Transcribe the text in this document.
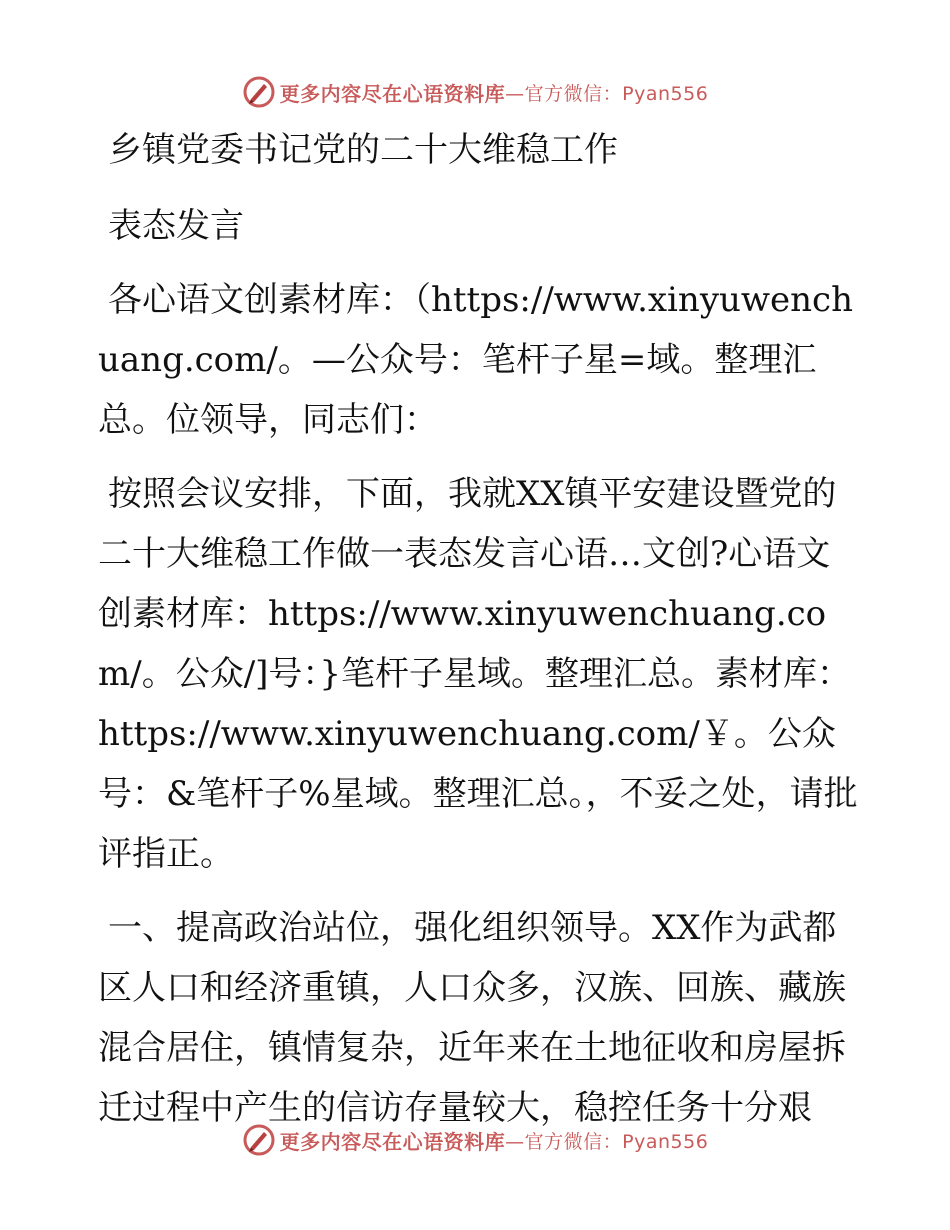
更多内容尽在心语资料库 —官方微信：Pyan556

乡镇党委书记党的二十大维稳工作

表态发言

各心语文创素材库：（https://www.xinyuwenchuang.com/。—公众号：笔杆子星=域。整理汇总。位领导，同志们：

按照会议安排，下面，我就XX镇平安建设暨党的二十大维稳工作做一表态发言心语…文创?心语文创素材库：https://www.xinyuwenchuang.com/。公众/]号：}笔杆子星域。整理汇总。素材库：https://www.xinyuwenchuang.com/￥。公众号：&笔杆子%星域。整理汇总。，不妥之处，请批评指正。

一、提高政治站位，强化组织领导。XX作为武都区人口和经济重镇，人口众多，汉族、回族、藏族混合居住，镇情复杂，近年来在土地征收和房屋拆迁过程中产生的信访存量较大，稳控任务十分艰

更多内容尽在心语资料库 —官方微信：Pyan556
